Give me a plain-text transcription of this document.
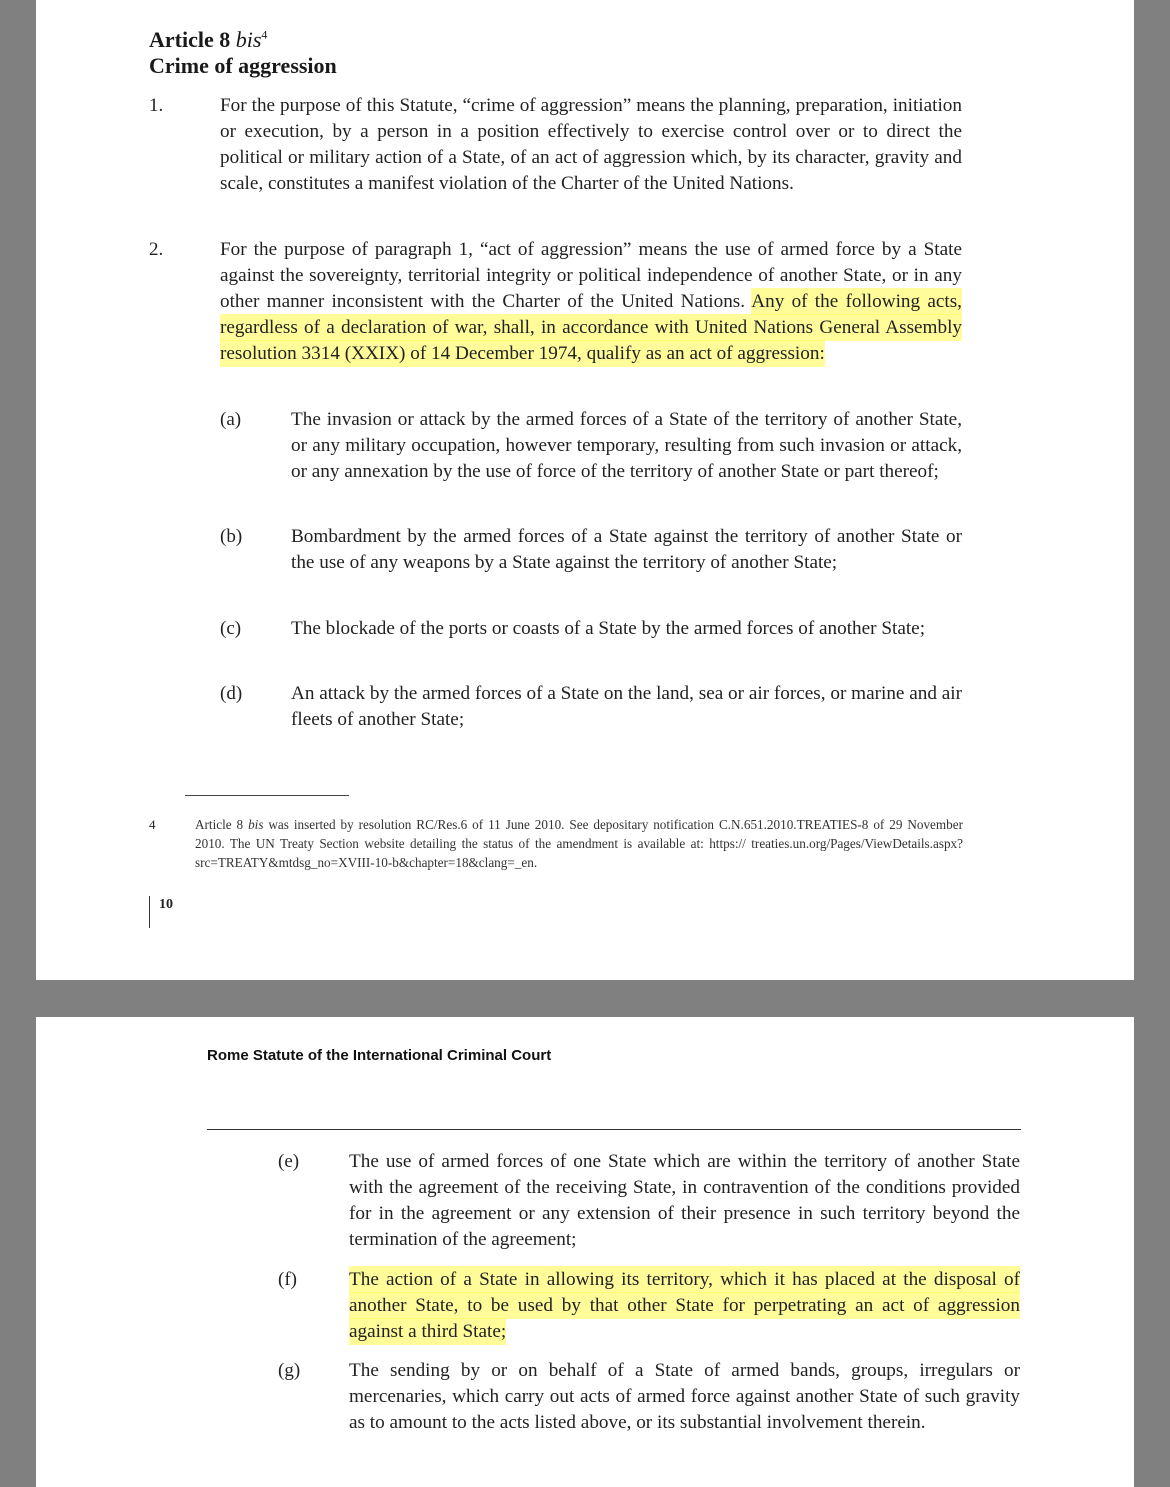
Article 8 bis$^4$
Crime of aggression
1.	For the purpose of this Statute, “crime of aggression” means the planning, preparation, initiation or execution, by a person in a position effectively to exercise control over or to direct the political or military action of a State, of an act of aggression which, by its character, gravity and scale, constitutes a manifest violation of the Charter of the United Nations.
2.	For the purpose of paragraph 1, “act of aggression” means the use of armed force by a State against the sovereignty, territorial integrity or political independence of another State, or in any other manner inconsistent with the Charter of the United Nations. Any of the following acts, regardless of a declaration of war, shall, in accordance with United Nations General Assembly resolution 3314 (XXIX) of 14 December 1974, qualify as an act of aggression:
(a)	The invasion or attack by the armed forces of a State of the territory of another State, or any military occupation, however temporary, resulting from such invasion or attack, or any annexation by the use of force of the territory of another State or part thereof;
(b)	Bombardment by the armed forces of a State against the territory of another State or the use of any weapons by a State against the territory of another State;
(c)	The blockade of the ports or coasts of a State by the armed forces of another State;
(d)	An attack by the armed forces of a State on the land, sea or air forces, or marine and air fleets of another State;
4	Article 8 bis was inserted by resolution RC/Res.6 of 11 June 2010. See depositary notification C.N.651.2010.TREATIES-8 of 29 November 2010. The UN Treaty Section website detailing the status of the amendment is available at: https:// treaties.un.org/Pages/ViewDetails.aspx?src=TREATY&mtdsg_no=XVIII-10-b&chapter=18&clang=_en.
10
Rome Statute of the International Criminal Court
(e)	The use of armed forces of one State which are within the territory of another State with the agreement of the receiving State, in contravention of the conditions provided for in the agreement or any extension of their presence in such territory beyond the termination of the agreement;
(f)	The action of a State in allowing its territory, which it has placed at the disposal of another State, to be used by that other State for perpetrating an act of aggression against a third State;
(g)	The sending by or on behalf of a State of armed bands, groups, irregulars or mercenaries, which carry out acts of armed force against another State of such gravity as to amount to the acts listed above, or its substantial involvement therein.
